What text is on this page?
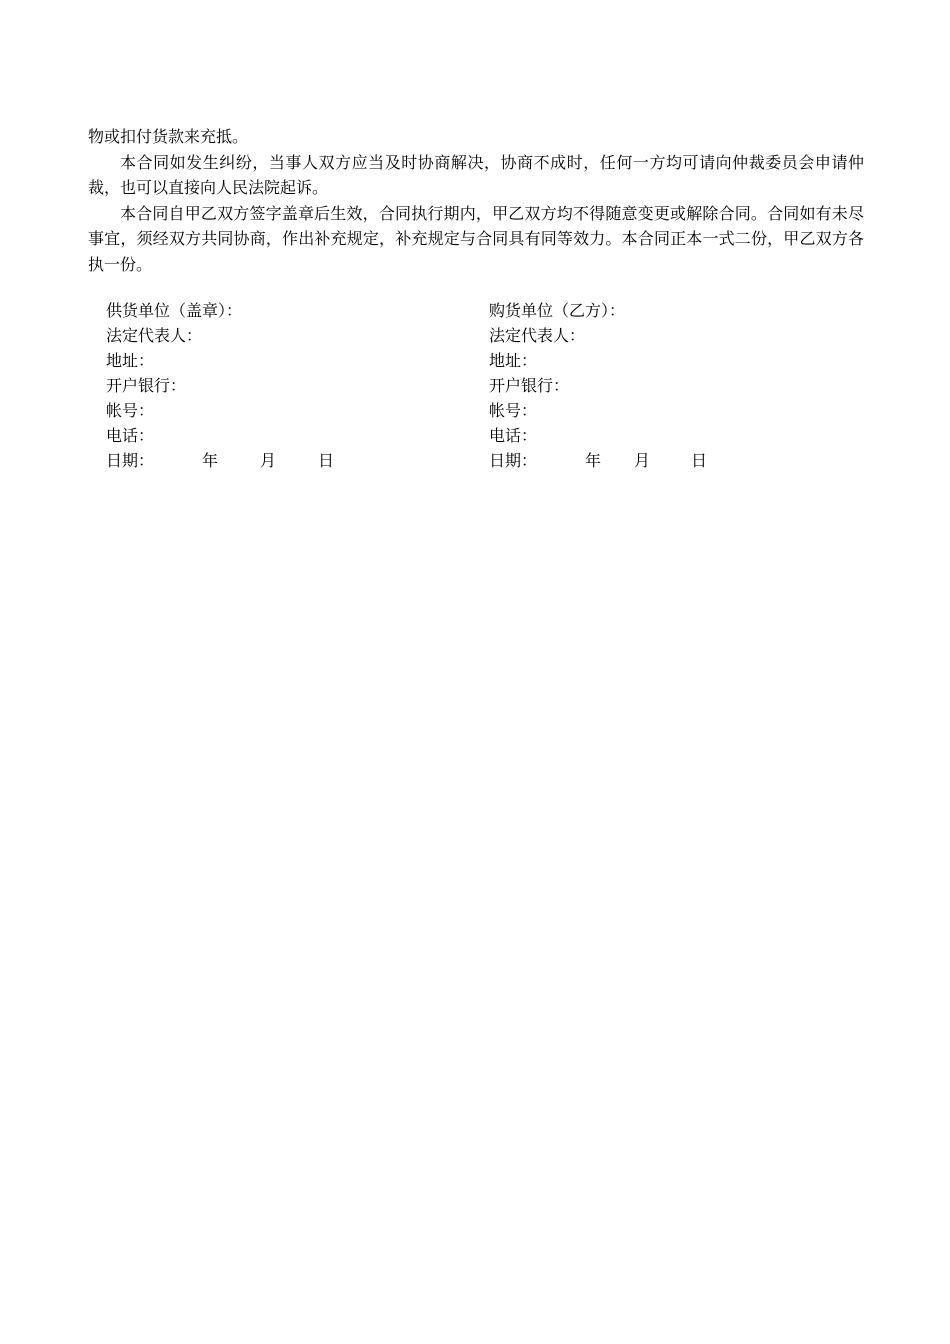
物或扣付货款来充抵。

本合同如发生纠纷，当事人双方应当及时协商解决，协商不成时，任何一方均可请向仲裁委员会申请仲裁，也可以直接向人民法院起诉。

本合同自甲乙双方签字盖章后生效，合同执行期内，甲乙双方均不得随意变更或解除合同。合同如有未尽事宜，须经双方共同协商，作出补充规定，补充规定与合同具有同等效力。本合同正本一式二份，甲乙双方各执一份。

供货单位（盖章）：
法定代表人：
地址：
开户银行：
帐号：
电话：
日期：	年	月	日
购货单位（乙方）：
法定代表人：
地址：
开户银行：
帐号：
电话：
日期：	年 月	日
